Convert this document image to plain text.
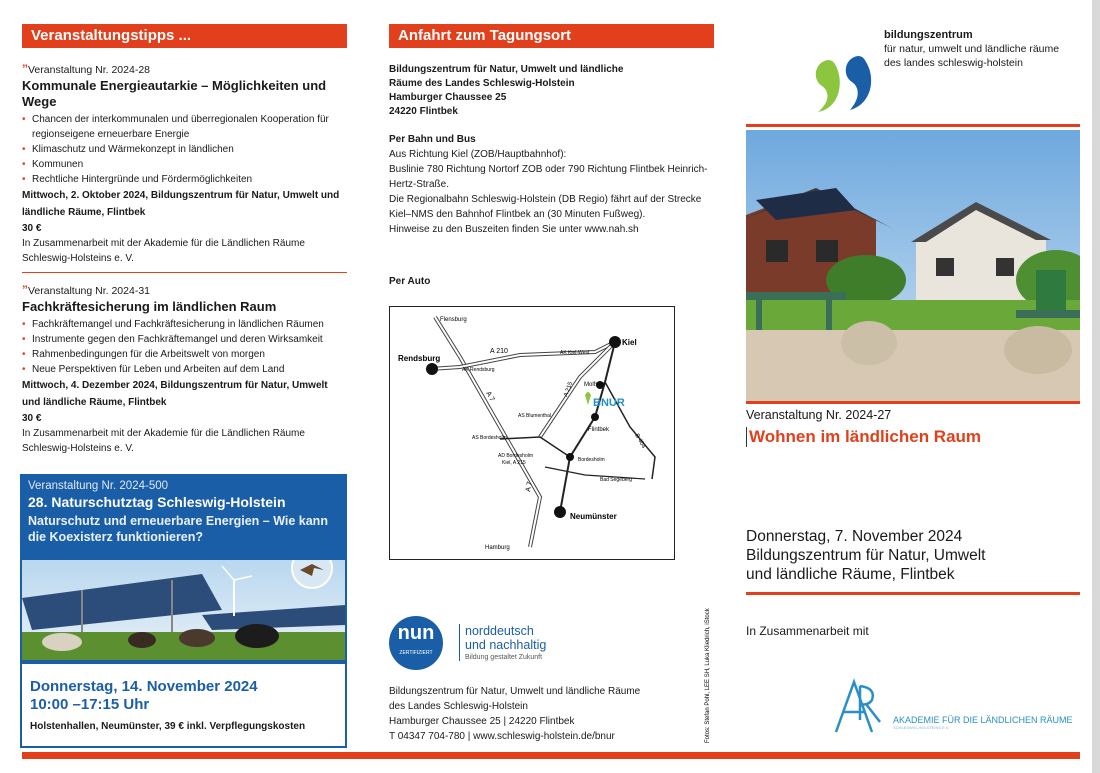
Veranstaltungstipps ...
” Veranstaltung Nr. 2024-28
Kommunale Energieautarkie – Möglichkeiten und Wege
• Chancen der interkommunalen und überregionalen Kooperation für regionseigene erneuerbare Energie
• Klimaschutz und Wärmekonzept in ländlichen
• Kommunen
• Rechtliche Hintergründe und Fördermöglichkeiten
Mittwoch, 2. Oktober 2024, Bildungszentrum für Natur, Umwelt und ländliche Räume, Flintbek
30 €
In Zusammenarbeit mit der Akademie für die Ländlichen Räume Schleswig-Holsteins e. V.
” Veranstaltung Nr. 2024-31
Fachkräftesicherung im ländlichen Raum
• Fachkräftemangel und Fachkräftesicherung in ländlichen Räumen
• Instrumente gegen den Fachkräftemangel und deren Wirksamkeit
• Rahmenbedingungen für die Arbeitswelt von morgen
• Neue Perspektiven für Leben und Arbeiten auf dem Land
Mittwoch, 4. Dezember 2024, Bildungszentrum für Natur, Umwelt und ländliche Räume, Flintbek
30 €
In Zusammenarbeit mit der Akademie für die Ländlichen Räume Schleswig-Holsteins e. V.
Veranstaltung Nr. 2024-500
28. Naturschutztag Schleswig-Holstein
Naturschutz und erneuerbare Energien – Wie kann die Koexisterz funktionieren?
Donnerstag, 14. November 2024
10:00 –17:15 Uhr
Holstenhallen, Neumünster, 39 € inkl. Verpflegungskosten
Anfahrt zum Tagungsort
Bildungszentrum für Natur, Umwelt und ländliche
Räume des Landes Schleswig-Holstein
Hamburger Chaussee 25
24220 Flintbek
Per Bahn und Bus
Aus Richtung Kiel (ZOB/Hauptbahnhof):
Buslinie 780 Richtung Nortorf ZOB oder 790 Richtung Flintbek Heinrich-Hertz-Straße.
Die Regionalbahn Schleswig-Holstein (DB Regio) fährt auf der Strecke Kiel–NMS den Bahnhof Flintbek an (30 Minuten Fußweg).
Hinweise zu den Buszeiten finden Sie unter www.nah.sh
Per Auto
Flensburg
Rendsburg
Kiel
A 210
A 7
A 7
A 215
B 404
AK Kiel-West
AK Rendsburg
Molfsee
BNUR
AS Blumenthal
Flintbek
AS Bordesholm
AD Bordesholm
Kiel, A 215	Bordesholm
Bad Segeberg
Neumünster
Hamburg
nun
ZERTIFIZIERT
norddeutsch
und nachhaltig
Bildung gestaltet Zukunft
Bildungszentrum für Natur, Umwelt und ländliche Räume
des Landes Schleswig-Holstein
Hamburger Chaussee 25 | 24220 Flintbek
T 04347 704-780 | www.schleswig-holstein.de/bnur	Fotos: Stefan Pohl, LEE SH, Luka Kliedrich, iStock
bildungszentrum
für natur, umwelt und ländliche räume
des landes schleswig-holstein
Veranstaltung Nr. 2024-27
Wohnen im ländlichen Raum
Donnerstag, 7. November 2024
Bildungszentrum für Natur, Umwelt
und ländliche Räume, Flintbek
In Zusammenarbeit mit
AKADEMIE FÜR DIE LÄNDLICHEN RÄUME
SCHLESWIG-HOLSTEINS E.V.
